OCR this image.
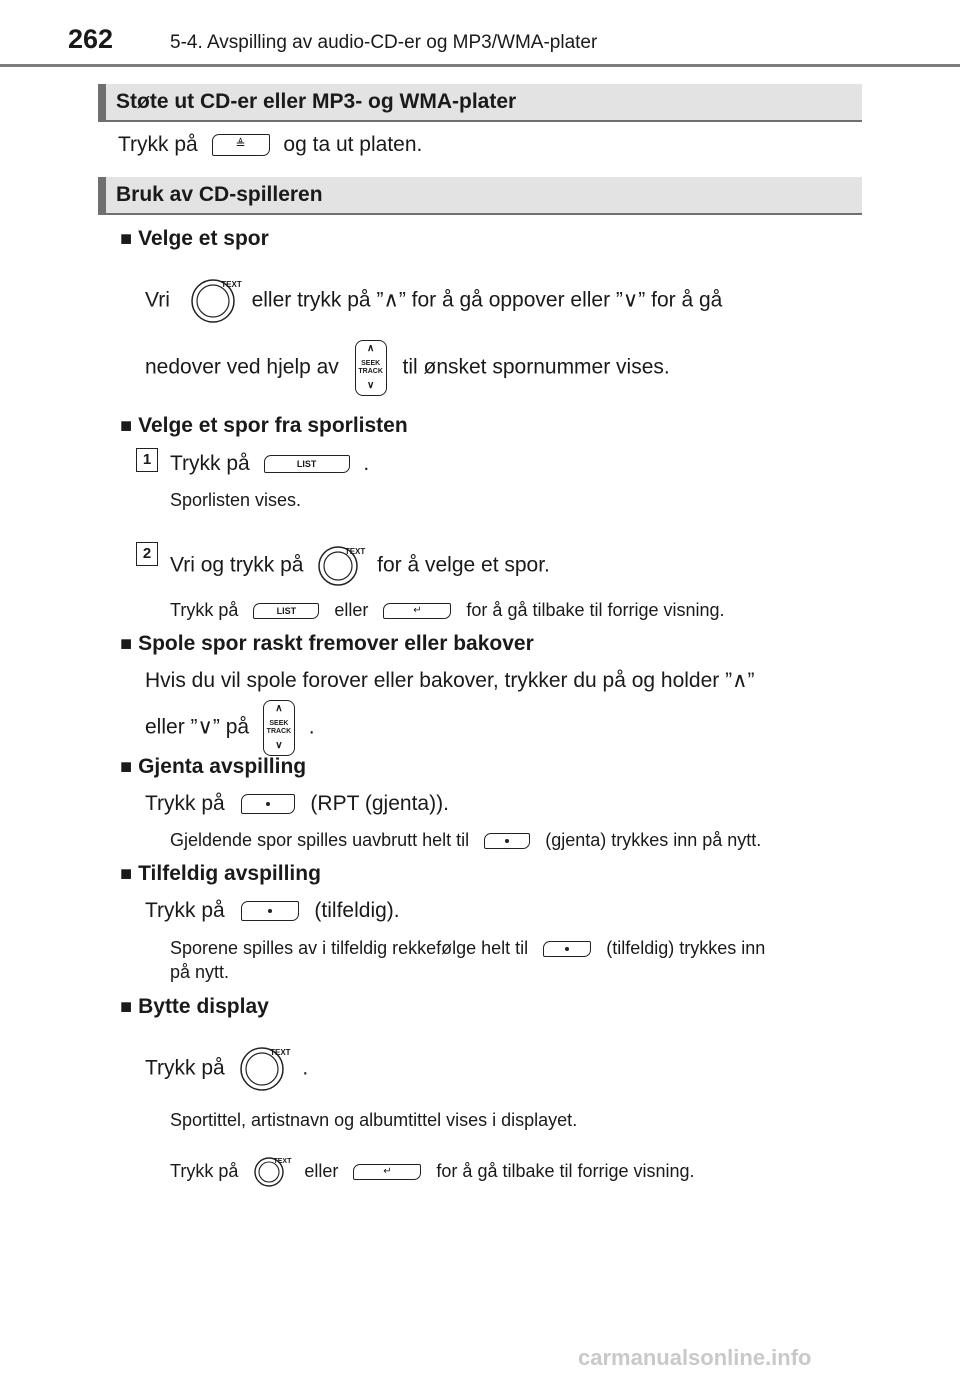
262	5-4. Avspilling av audio-CD-er og MP3/WMA-plater
Støte ut CD-er eller MP3- og WMA-plater
Trykk på	≜	og ta ut platen.
Bruk av CD-spilleren
■ Velge et spor
Vri
TEXT
eller trykk på ”∧” for å gå oppover eller ”∨” for å gå
nedover ved hjelp av
∧
SEEK
TRACK
∨
til ønsket spornummer vises.
■ Velge et spor fra sporlisten
1 Trykk på	LIST	.
Sporlisten vises.
2
Vri og trykk på
TEXT
for å velge et spor.
Trykk på	LIST	eller	↵	for å gå tilbake til forrige visning.
■ Spole spor raskt fremover eller bakover
Hvis du vil spole forover eller bakover, trykker du på og holder ”∧”
eller ”∨” på
∧
SEEK
TRACK
∨
.
■ Gjenta avspilling
Trykk på	(RPT (gjenta)).
Gjeldende spor spilles uavbrutt helt til	(gjenta) trykkes inn på nytt.
■ Tilfeldig avspilling
Trykk på	(tilfeldig).
Sporene spilles av i tilfeldig rekkefølge helt til	(tilfeldig) trykkes inn
på nytt.
■ Bytte display
Trykk på
TEXT
.
Sportittel, artistnavn og albumtittel vises i displayet.
Trykk på	TEXT eller	↵	for å gå tilbake til forrige visning.
carmanualsonline.info
